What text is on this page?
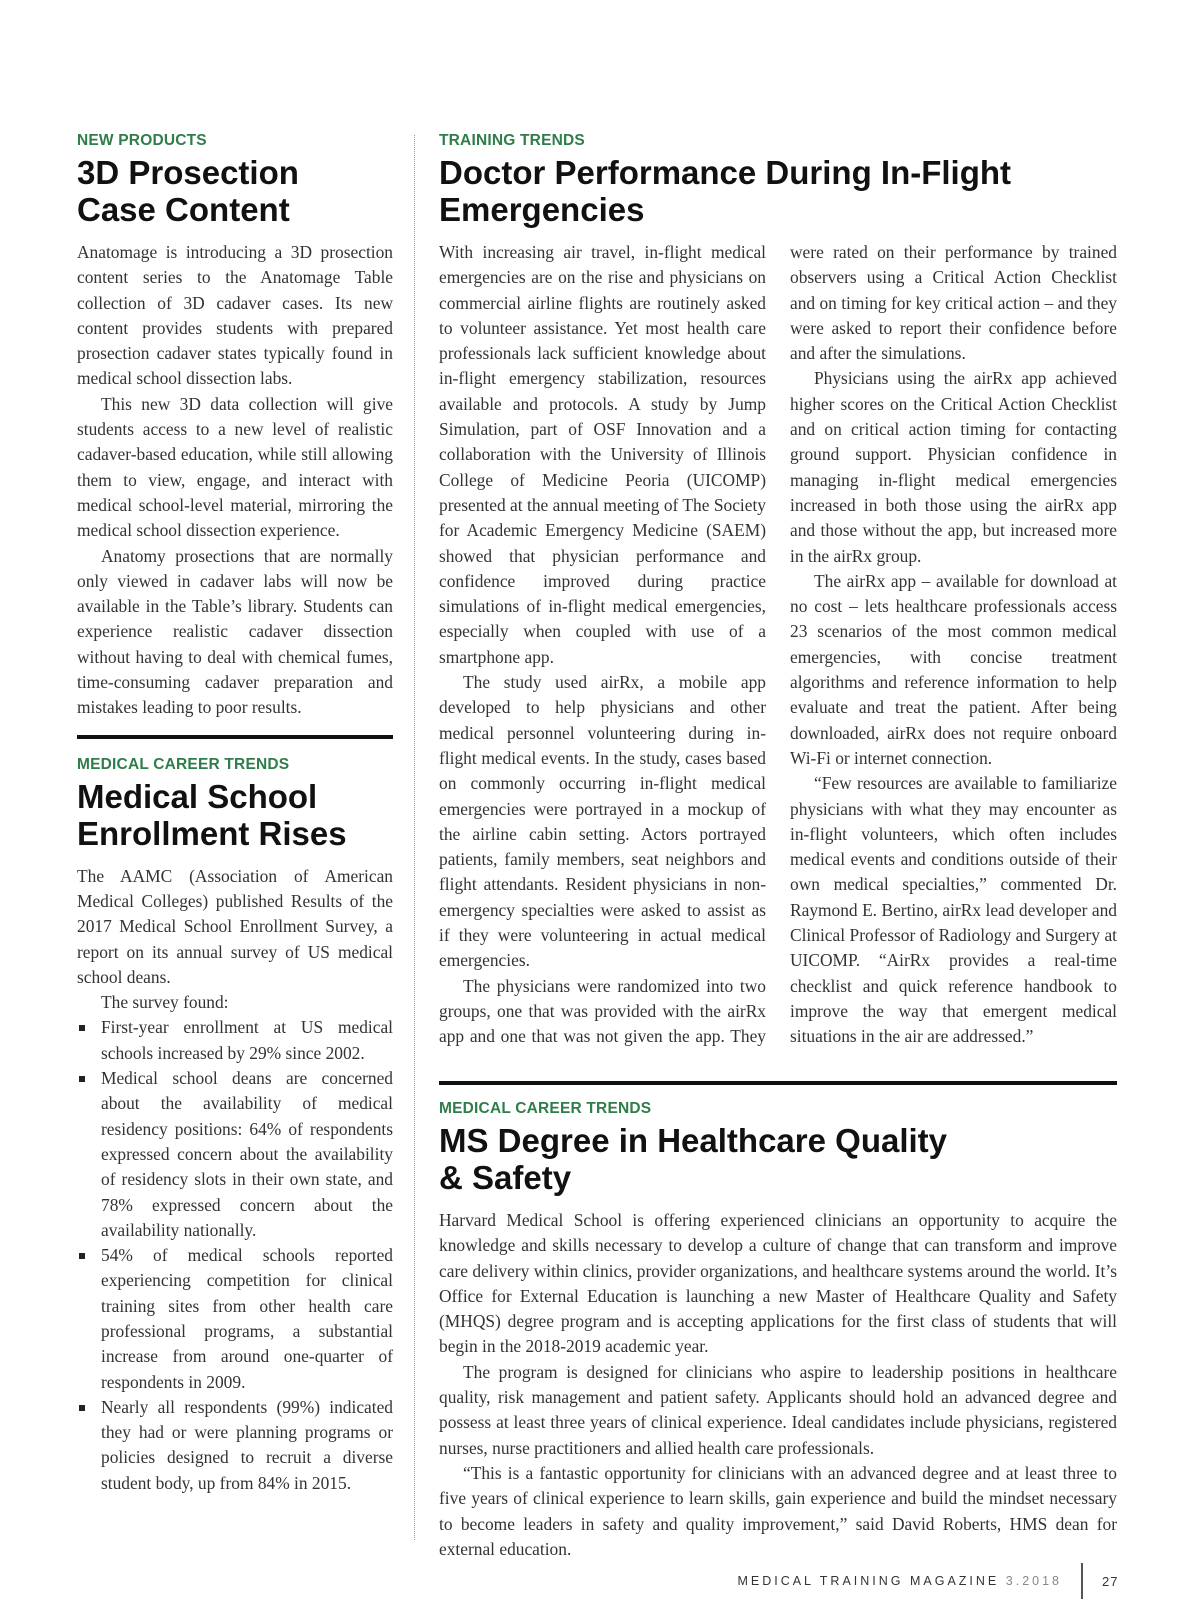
NEW PRODUCTS
3D Prosection
Case Content

Anatomage is introducing a 3D prosection content series to the Anatomage Table collection of 3D cadaver cases. Its new content provides students with prepared prosection cadaver states typically found in medical school dissection labs.

This new 3D data collection will give students access to a new level of realistic cadaver-based education, while still allowing them to view, engage, and interact with medical school-level material, mirroring the medical school dissection experience.

Anatomy prosections that are normally only viewed in cadaver labs will now be available in the Table’s library. Students can experience realistic cadaver dissection without having to deal with chemical fumes, time-consuming cadaver preparation and mistakes leading to poor results.

MEDICAL CAREER TRENDS
Medical School
Enrollment Rises

The AAMC (Association of American Medical Colleges) published Results of the 2017 Medical School Enrollment Survey, a report on its annual survey of US medical school deans.

The survey found:

First-year enrollment at US medical schools increased by 29% since 2002.
Medical school deans are concerned about the availability of medical residency positions: 64% of respondents expressed concern about the availability of residency slots in their own state, and 78% expressed concern about the availability nationally.
54% of medical schools reported experiencing competition for clinical training sites from other health care professional programs, a substantial increase from around one-quarter of respondents in 2009.
Nearly all respondents (99%) indicated they had or were planning programs or policies designed to recruit a diverse student body, up from 84% in 2015.
TRAINING TRENDS
Doctor Performance During In-Flight
Emergencies

With increasing air travel, in-flight medical emergencies are on the rise and physicians on commercial airline flights are routinely asked to volunteer assistance. Yet most health care professionals lack sufficient knowledge about in-flight emergency stabilization, resources available and protocols. A study by Jump Simulation, part of OSF Innovation and a collaboration with the University of Illinois College of Medicine Peoria (UICOMP) presented at the annual meeting of The Society for Academic Emergency Medicine (SAEM) showed that physician performance and confidence improved during practice simulations of in-flight medical emergencies, especially when coupled with use of a smartphone app.

The study used airRx, a mobile app developed to help physicians and other medical personnel volunteering during in-flight medical events. In the study, cases based on commonly occurring in-flight medical emergencies were portrayed in a mockup of the airline cabin setting. Actors portrayed patients, family members, seat neighbors and flight attendants. Resident physicians in non-emergency specialties were asked to assist as if they were volunteering in actual medical emergencies.

The physicians were randomized into two groups, one that was provided with the airRx app and one that was not given the app. They were rated on their performance by trained observers using a Critical Action Checklist and on timing for key critical action – and they were asked to report their confidence before and after the simulations.

Physicians using the airRx app achieved higher scores on the Critical Action Checklist and on critical action timing for contacting ground support. Physician confidence in managing in-flight medical emergencies increased in both those using the airRx app and those without the app, but increased more in the airRx group.

The airRx app – available for download at no cost – lets healthcare professionals access 23 scenarios of the most common medical emergencies, with concise treatment algorithms and reference information to help evaluate and treat the patient. After being downloaded, airRx does not require onboard Wi-Fi or internet connection.

“Few resources are available to familiarize physicians with what they may encounter as in-flight volunteers, which often includes medical events and conditions outside of their own medical specialties,” commented Dr. Raymond E. Bertino, airRx lead developer and Clinical Professor of Radiology and Surgery at UICOMP. “AirRx provides a real-time checklist and quick reference handbook to improve the way that emergent medical situations in the air are addressed.”

MEDICAL CAREER TRENDS
MS Degree in Healthcare Quality
& Safety

Harvard Medical School is offering experienced clinicians an opportunity to acquire the knowledge and skills necessary to develop a culture of change that can transform and improve care delivery within clinics, provider organizations, and healthcare systems around the world. It’s Office for External Education is launching a new Master of Healthcare Quality and Safety (MHQS) degree program and is accepting applications for the first class of students that will begin in the 2018-2019 academic year.

The program is designed for clinicians who aspire to leadership positions in healthcare quality, risk management and patient safety. Applicants should hold an advanced degree and possess at least three years of clinical experience. Ideal candidates include physicians, registered nurses, nurse practitioners and allied health care professionals.

“This is a fantastic opportunity for clinicians with an advanced degree and at least three to five years of clinical experience to learn skills, gain experience and build the mindset necessary to become leaders in safety and quality improvement,” said David Roberts, HMS dean for external education.

MEDICAL TRAINING MAGAZINE 3.2018	27
